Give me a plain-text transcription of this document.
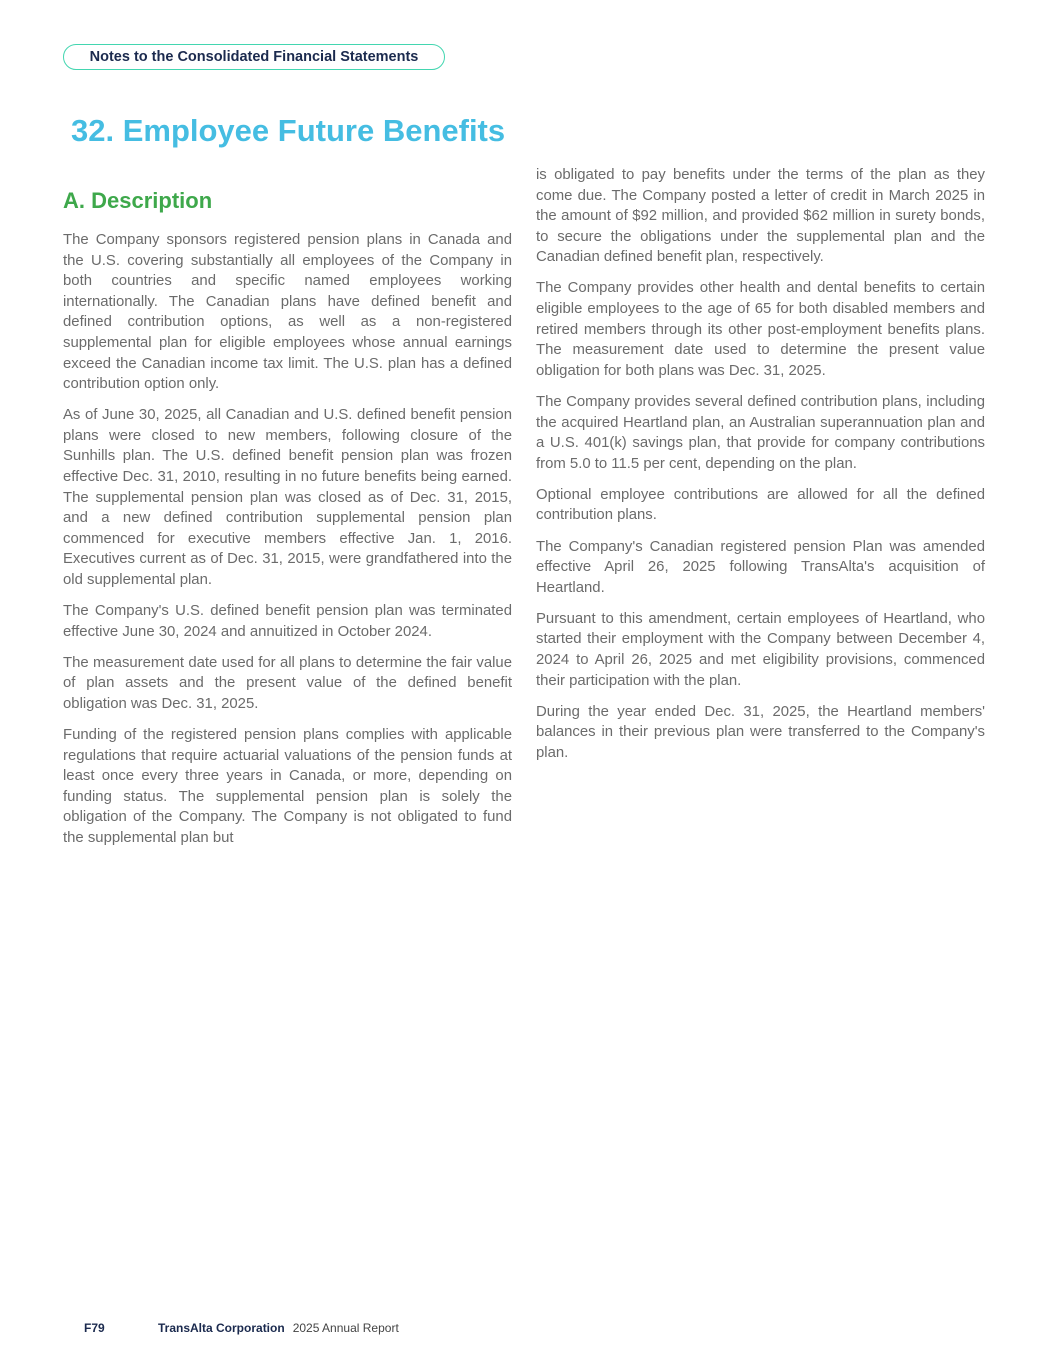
Notes to the Consolidated Financial Statements
32. Employee Future Benefits
A. Description

The Company sponsors registered pension plans in Canada and the U.S. covering substantially all employees of the Company in both countries and specific named employees working internationally. The Canadian plans have defined benefit and defined contribution options, as well as a non-registered supplemental plan for eligible employees whose annual earnings exceed the Canadian income tax limit. The U.S. plan has a defined contribution option only.

As of June 30, 2025, all Canadian and U.S. defined benefit pension plans were closed to new members, following closure of the Sunhills plan. The U.S. defined benefit pension plan was frozen effective Dec. 31, 2010, resulting in no future benefits being earned. The supplemental pension plan was closed as of Dec. 31, 2015, and a new defined contribution supplemental pension plan commenced for executive members effective Jan. 1, 2016. Executives current as of Dec. 31, 2015, were grandfathered into the old supplemental plan.

The Company's U.S. defined benefit pension plan was terminated effective June 30, 2024 and annuitized in October 2024.

The measurement date used for all plans to determine the fair value of plan assets and the present value of the defined benefit obligation was Dec. 31, 2025.

Funding of the registered pension plans complies with applicable regulations that require actuarial valuations of the pension funds at least once every three years in Canada, or more, depending on funding status. The supplemental pension plan is solely the obligation of the Company. The Company is not obligated to fund the supplemental plan but

is obligated to pay benefits under the terms of the plan as they come due. The Company posted a letter of credit in March 2025 in the amount of $92 million, and provided $62 million in surety bonds, to secure the obligations under the supplemental plan and the Canadian defined benefit plan, respectively.

The Company provides other health and dental benefits to certain eligible employees to the age of 65 for both disabled members and retired members through its other post-employment benefits plans. The measurement date used to determine the present value obligation for both plans was Dec. 31, 2025.

The Company provides several defined contribution plans, including the acquired Heartland plan, an Australian superannuation plan and a U.S. 401(k) savings plan, that provide for company contributions from 5.0 to 11.5 per cent, depending on the plan.

Optional employee contributions are allowed for all the defined contribution plans.

The Company's Canadian registered pension Plan was amended effective April 26, 2025 following TransAlta's acquisition of Heartland.

Pursuant to this amendment, certain employees of Heartland, who started their employment with the Company between December 4, 2024 to April 26, 2025 and met eligibility provisions, commenced their participation with the plan.

During the year ended Dec. 31, 2025, the Heartland members' balances in their previous plan were transferred to the Company's plan.

F79	TransAlta Corporation 2025 Annual Report
